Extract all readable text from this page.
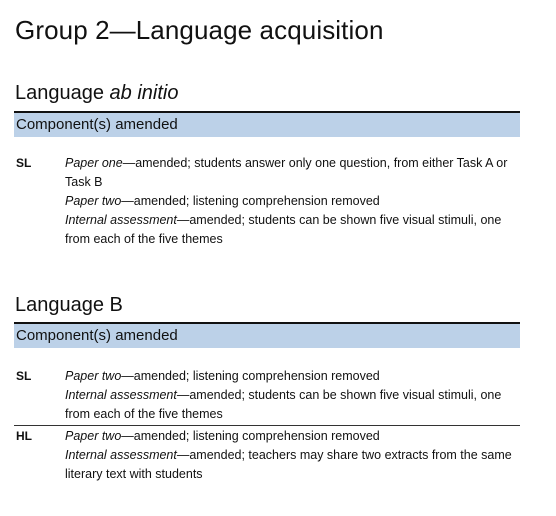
Group 2—Language acquisition
Language ab initio
Component(s) amended
SL	Paper one—amended; students answer only one question, from either Task A or Task B

Paper two—amended; listening comprehension removed

Internal assessment—amended; students can be shown five visual stimuli, one from each of the five themes

Language B
Component(s) amended
SL	Paper two—amended; listening comprehension removed

Internal assessment—amended; students can be shown five visual stimuli, one from each of the five themes

HL	Paper two—amended; listening comprehension removed

Internal assessment—amended; teachers may share two extracts from the same literary text with students
